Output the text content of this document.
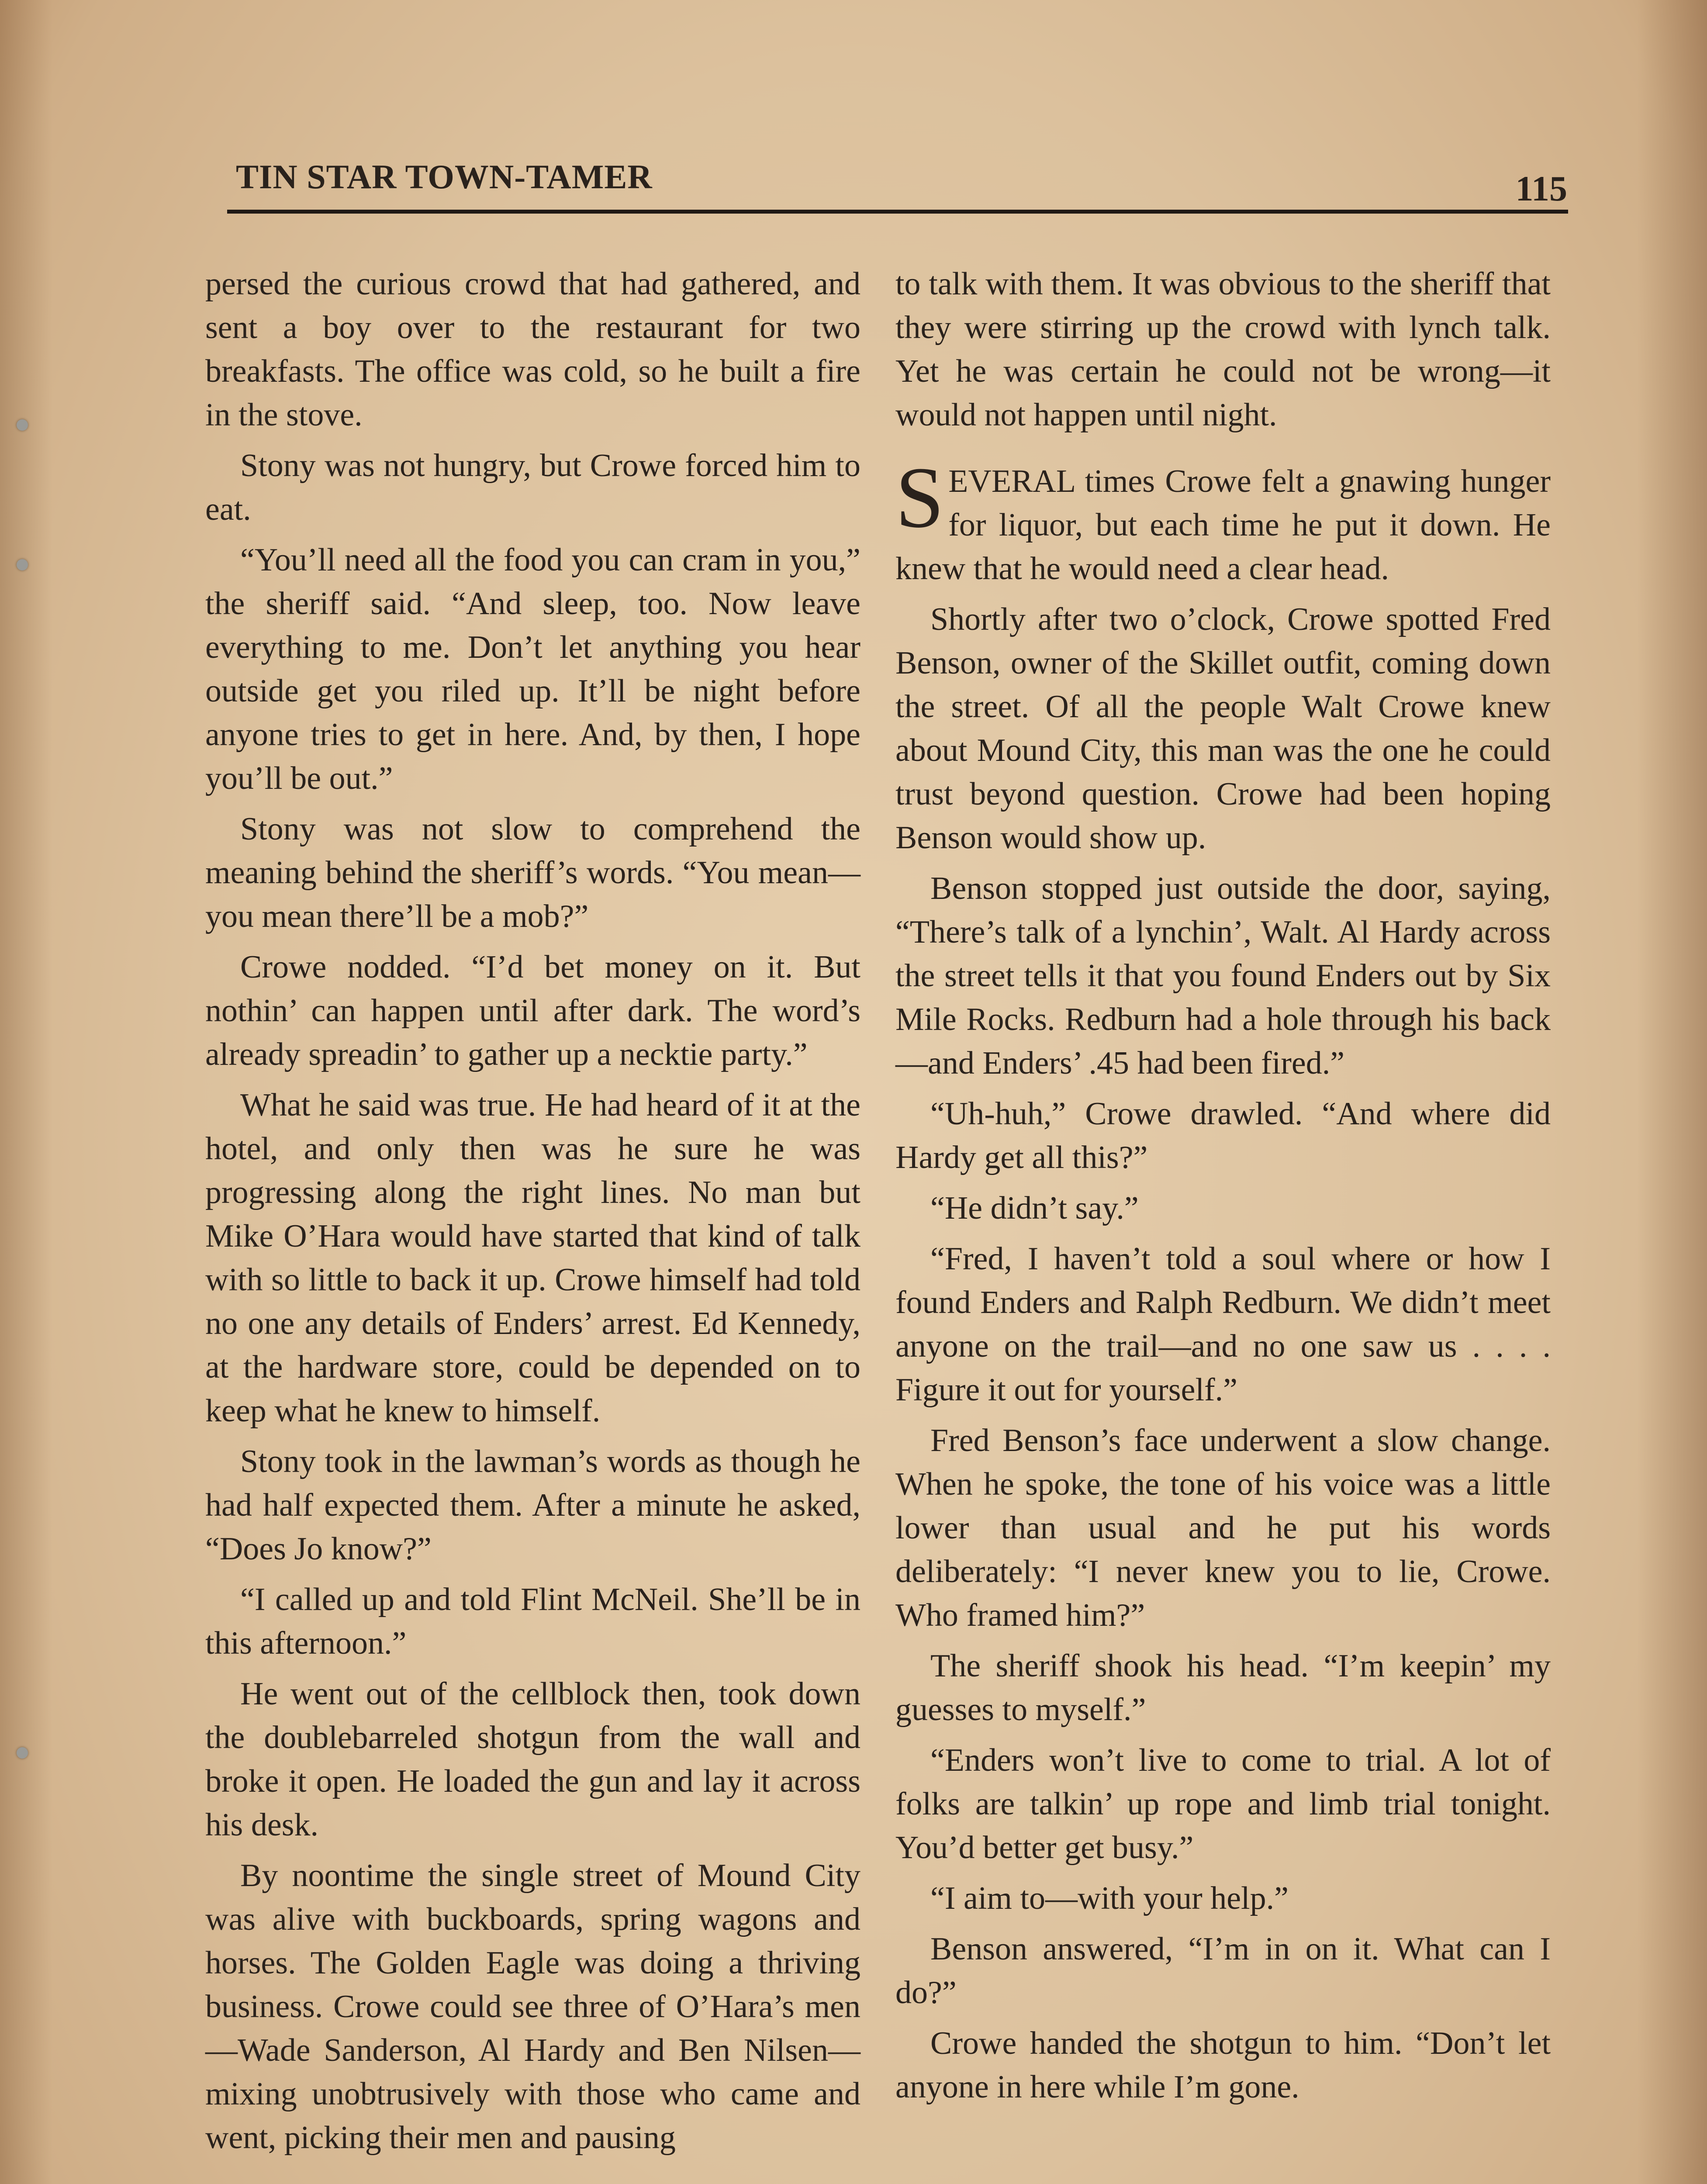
TIN STAR TOWN-TAMER	115

persed the curious crowd that had gathered, and sent a boy over to the restaurant for two breakfasts. The office was cold, so he built a fire in the stove.

Stony was not hungry, but Crowe forced him to eat.

“You’ll need all the food you can cram in you,” the sheriff said. “And sleep, too. Now leave everything to me. Don’t let anything you hear outside get you riled up. It’ll be night before anyone tries to get in here. And, by then, I hope you’ll be out.”

Stony was not slow to comprehend the meaning behind the sheriff’s words. “You mean—you mean there’ll be a mob?”

Crowe nodded. “I’d bet money on it. But nothin’ can happen until after dark. The word’s already spreadin’ to gather up a necktie party.”

What he said was true. He had heard of it at the hotel, and only then was he sure he was progressing along the right lines. No man but Mike O’Hara would have started that kind of talk with so little to back it up. Crowe himself had told no one any details of Enders’ arrest. Ed Kennedy, at the hardware store, could be depended on to keep what he knew to himself.

Stony took in the lawman’s words as though he had half expected them. After a minute he asked, “Does Jo know?”

“I called up and told Flint McNeil. She’ll be in this afternoon.”

He went out of the cellblock then, took down the doublebarreled shotgun from the wall and broke it open. He loaded the gun and lay it across his desk.

By noontime the single street of Mound City was alive with buckboards, spring wagons and horses. The Golden Eagle was doing a thriving business. Crowe could see three of O’Hara’s men—Wade Sanderson, Al Hardy and Ben Nilsen—mixing unobtrusively with those who came and went, picking their men and pausing

to talk with them. It was obvious to the sheriff that they were stirring up the crowd with lynch talk. Yet he was certain he could not be wrong—it would not happen until night.

SEVERAL times Crowe felt a gnawing hunger for liquor, but each time he put it down. He knew that he would need a clear head.

Shortly after two o’clock, Crowe spotted Fred Benson, owner of the Skillet outfit, coming down the street. Of all the people Walt Crowe knew about Mound City, this man was the one he could trust beyond question. Crowe had been hoping Benson would show up.

Benson stopped just outside the door, saying, “There’s talk of a lynchin’, Walt. Al Hardy across the street tells it that you found Enders out by Six Mile Rocks. Redburn had a hole through his back—and Enders’ .45 had been fired.”

“Uh-huh,” Crowe drawled. “And where did Hardy get all this?”

“He didn’t say.”

“Fred, I haven’t told a soul where or how I found Enders and Ralph Redburn. We didn’t meet anyone on the trail—and no one saw us . . . . Figure it out for yourself.”

Fred Benson’s face underwent a slow change. When he spoke, the tone of his voice was a little lower than usual and he put his words deliberately: “I never knew you to lie, Crowe. Who framed him?”

The sheriff shook his head. “I’m keepin’ my guesses to myself.”

“Enders won’t live to come to trial. A lot of folks are talkin’ up rope and limb trial tonight. You’d better get busy.”

“I aim to—with your help.”

Benson answered, “I’m in on it. What can I do?”

Crowe handed the shotgun to him. “Don’t let anyone in here while I’m gone.
